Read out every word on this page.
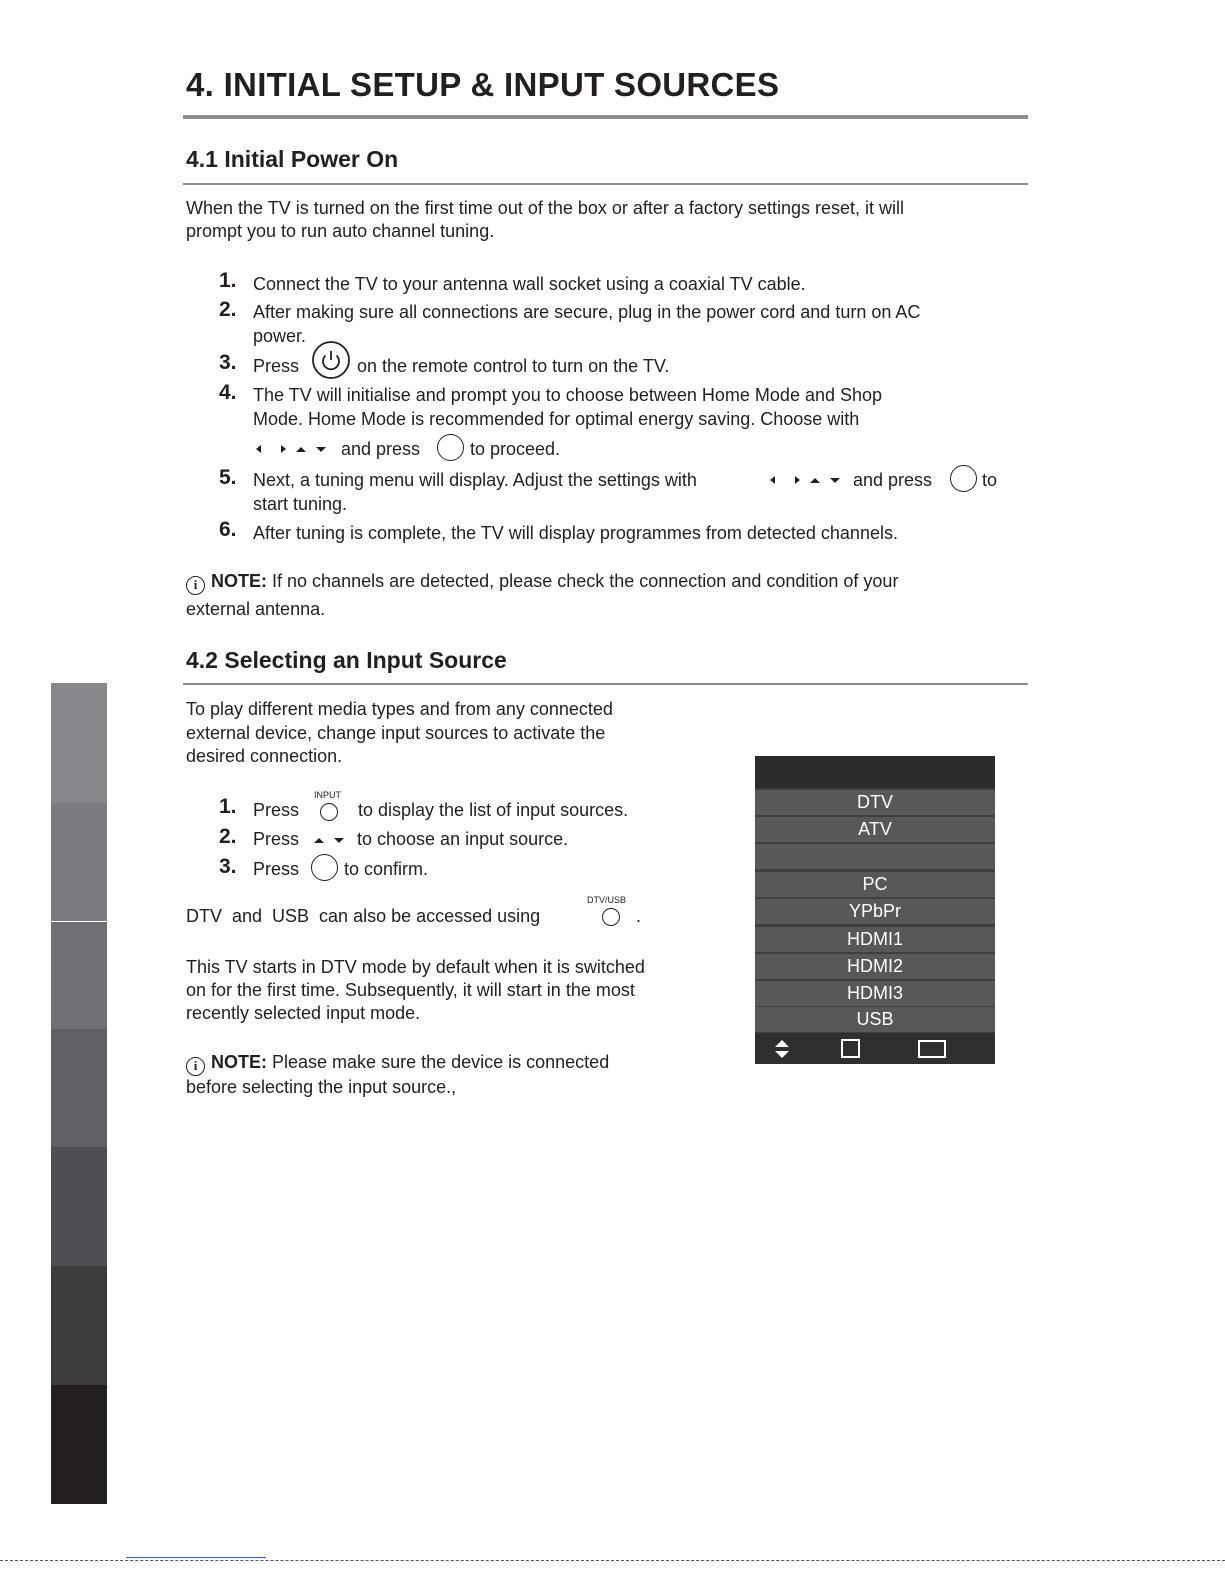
4. INITIAL SETUP & INPUT SOURCES
4.1 Initial Power On
When the TV is turned on the first time out of the box or after a factory settings reset, it will
prompt you to run auto channel tuning.
1. Connect the TV to your antenna wall socket using a coaxial TV cable.
2. After making sure all connections are secure, plug in the power cord and turn on AC
power.
3. Press	on the remote control to turn on the TV.
4. The TV will initialise and prompt you to choose between Home Mode and Shop
Mode. Home Mode is recommended for optimal energy saving. Choose with
and press	to proceed.
5. Next, a tuning menu will display. Adjust the settings with	and press	to
start tuning.
6. After tuning is complete, the TV will display programmes from detected channels.
i NOTE: If no channels are detected, please check the connection and condition of your
external antenna.
4.2 Selecting an Input Source
To play different media types and from any connected
external device, change input sources to activate the
desired connection.
1. Press
INPUT
to display the list of input sources.
2. Press	to choose an input source.
3. Press to confirm.
DTV  and  USB  can also be accessed using
DTV/USB
.
This TV starts in DTV mode by default when it is switched
on for the first time. Subsequently, it will start in the most
recently selected input mode.
i NOTE: Please make sure the device is connected
before selecting the input source.,
DTV
ATV
PC
YPbPr
HDMI1
HDMI2
HDMI3
USB
